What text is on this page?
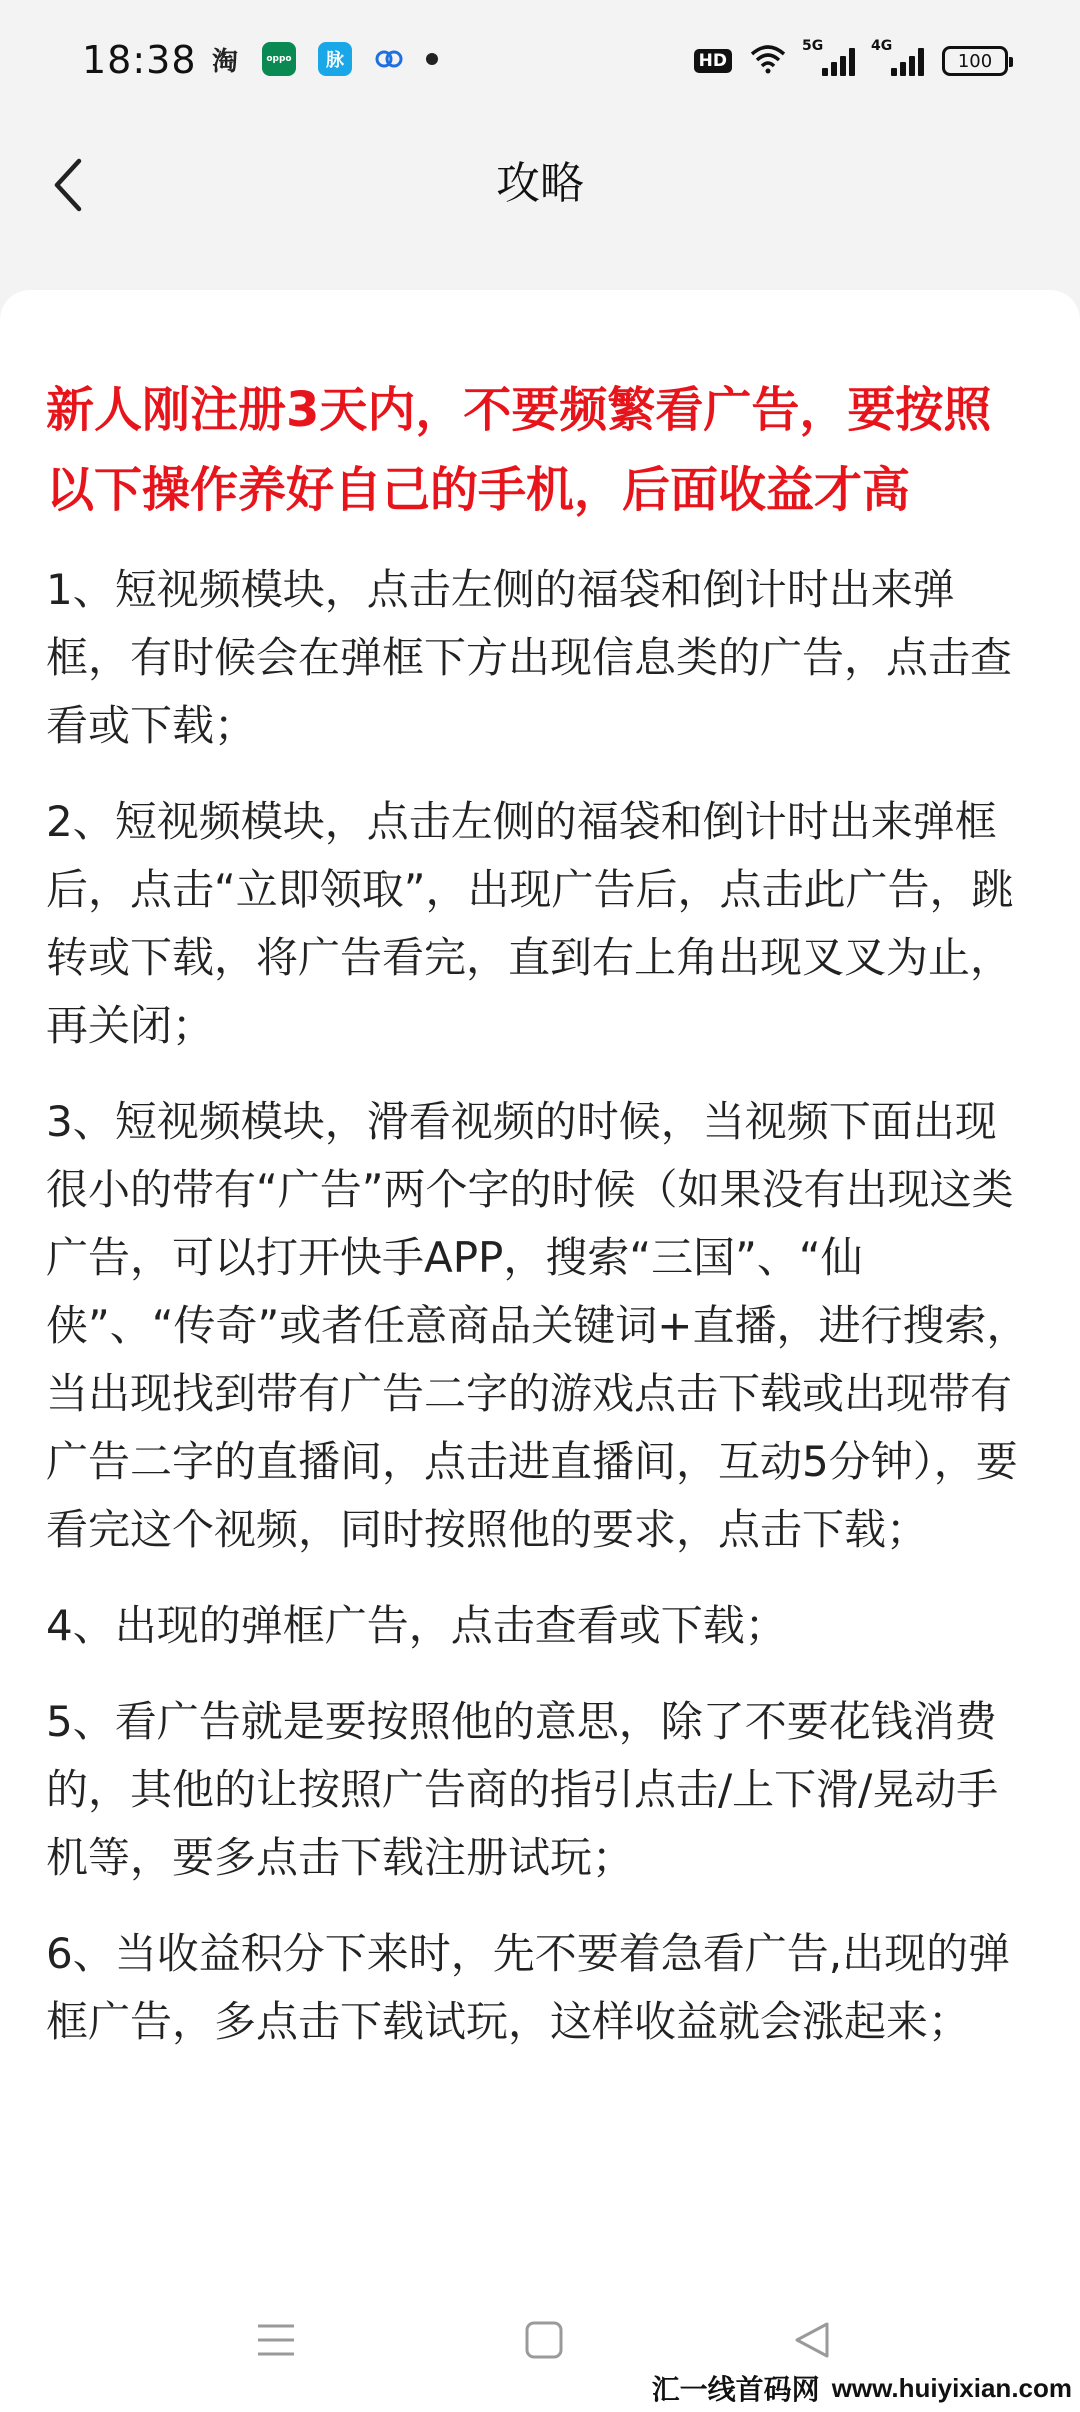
18:38 淘	oppo	脉	HD
5G	4G
100
攻略

新人刚注册3天内，不要频繁看广告，要按照以下操作养好自己的手机，后面收益才高

1、短视频模块，点击左侧的福袋和倒计时出来弹框，有时候会在弹框下方出现信息类的广告，点击查看或下载；

2、短视频模块，点击左侧的福袋和倒计时出来弹框后，点击“立即领取”，出现广告后，点击此广告，跳转或下载，将广告看完，直到右上角出现叉叉为止，再关闭；

3、短视频模块，滑看视频的时候，当视频下面出现很小的带有“广告”两个字的时候（如果没有出现这类广告，可以打开快手APP，搜索“三国”、“仙侠”、“传奇”或者任意商品关键词+直播，进行搜索，当出现找到带有广告二字的游戏点击下载或出现带有广告二字的直播间，点击进直播间，互动5分钟），要看完这个视频，同时按照他的要求，点击下载；

4、出现的弹框广告，点击查看或下载；

5、看广告就是要按照他的意思，除了不要花钱消费的，其他的让按照广告商的指引点击/上下滑/晃动手机等，要多点击下载注册试玩；

6、当收益积分下来时，先不要着急看广告,出现的弹框广告，多点击下载试玩，这样收益就会涨起来；

汇一线首码网 www.huiyixian.com
